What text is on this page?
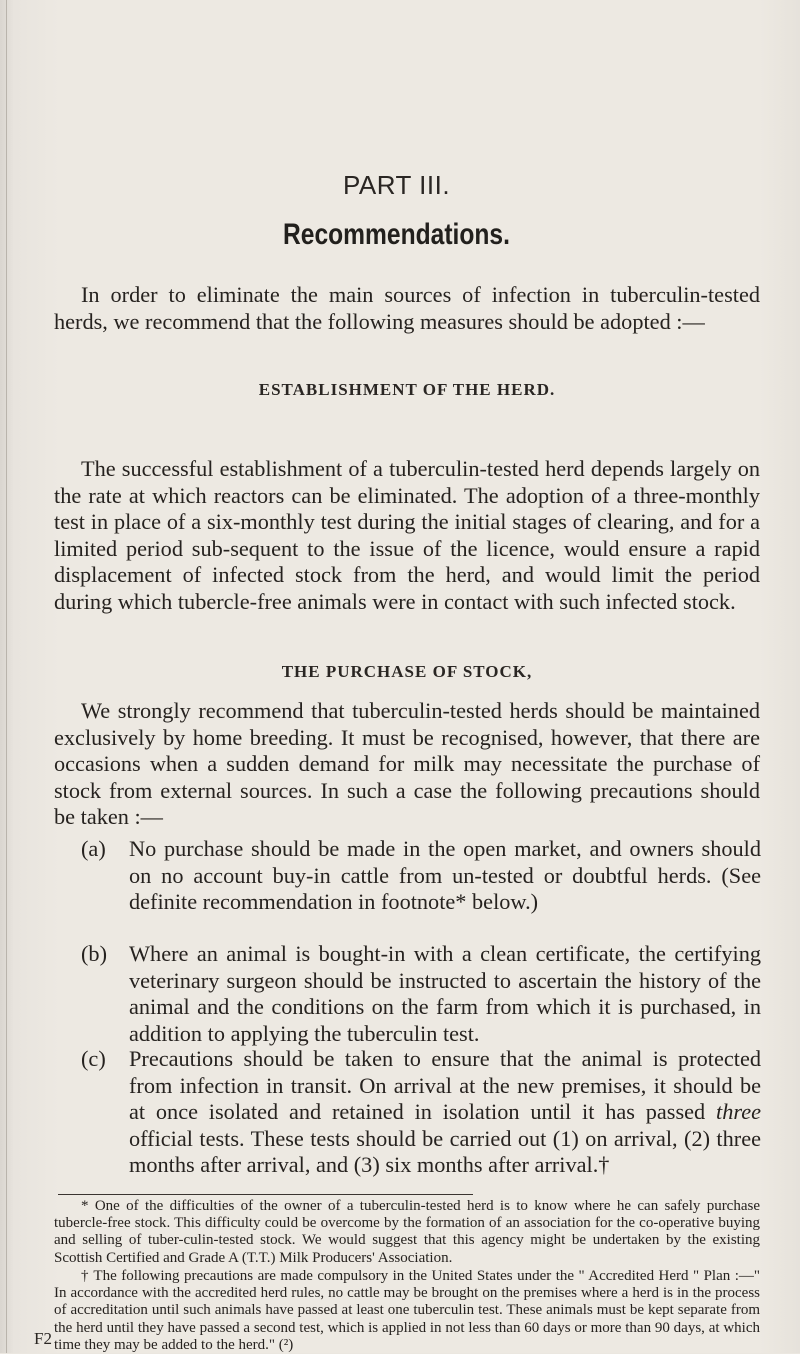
PART III.
Recommendations.

In order to eliminate the main sources of infection in tuberculin-tested herds, we recommend that the following measures should be adopted :—

ESTABLISHMENT OF THE HERD.

The successful establishment of a tuberculin-tested herd depends largely on the rate at which reactors can be eliminated. The adoption of a three-monthly test in place of a six-monthly test during the initial stages of clearing, and for a limited period sub-sequent to the issue of the licence, would ensure a rapid displacement of infected stock from the herd, and would limit the period during which tubercle-free animals were in contact with such infected stock.

THE PURCHASE OF STOCK,

We strongly recommend that tuberculin-tested herds should be maintained exclusively by home breeding. It must be recognised, however, that there are occasions when a sudden demand for milk may necessitate the purchase of stock from external sources. In such a case the following precautions should be taken :—

(a) No purchase should be made in the open market, and owners should on no account buy-in cattle from un-tested or doubtful herds. (See definite recommendation in footnote* below.)
(b) Where an animal is bought-in with a clean certificate, the certifying veterinary surgeon should be instructed to ascertain the history of the animal and the conditions on the farm from which it is purchased, in addition to applying the tuberculin test.
(c) Precautions should be taken to ensure that the animal is protected from infection in transit. On arrival at the new premises, it should be at once isolated and retained in isolation until it has passed three official tests. These tests should be carried out (1) on arrival, (2) three months after arrival, and (3) six months after arrival.†

* One of the difficulties of the owner of a tuberculin-tested herd is to know where he can safely purchase tubercle-free stock. This difficulty could be overcome by the formation of an association for the co-operative buying and selling of tuber-culin-tested stock. We would suggest that this agency might be undertaken by the existing Scottish Certified and Grade A (T.T.) Milk Producers' Association.

† The following precautions are made compulsory in the United States under the " Accredited Herd " Plan :—" In accordance with the accredited herd rules, no cattle may be brought on the premises where a herd is in the process of accreditation until such animals have passed at least one tuberculin test. These animals must be kept separate from the herd until they have passed a second test, which is applied in not less than 60 days or more than 90 days, at which time they may be added to the herd." (²)

F2
